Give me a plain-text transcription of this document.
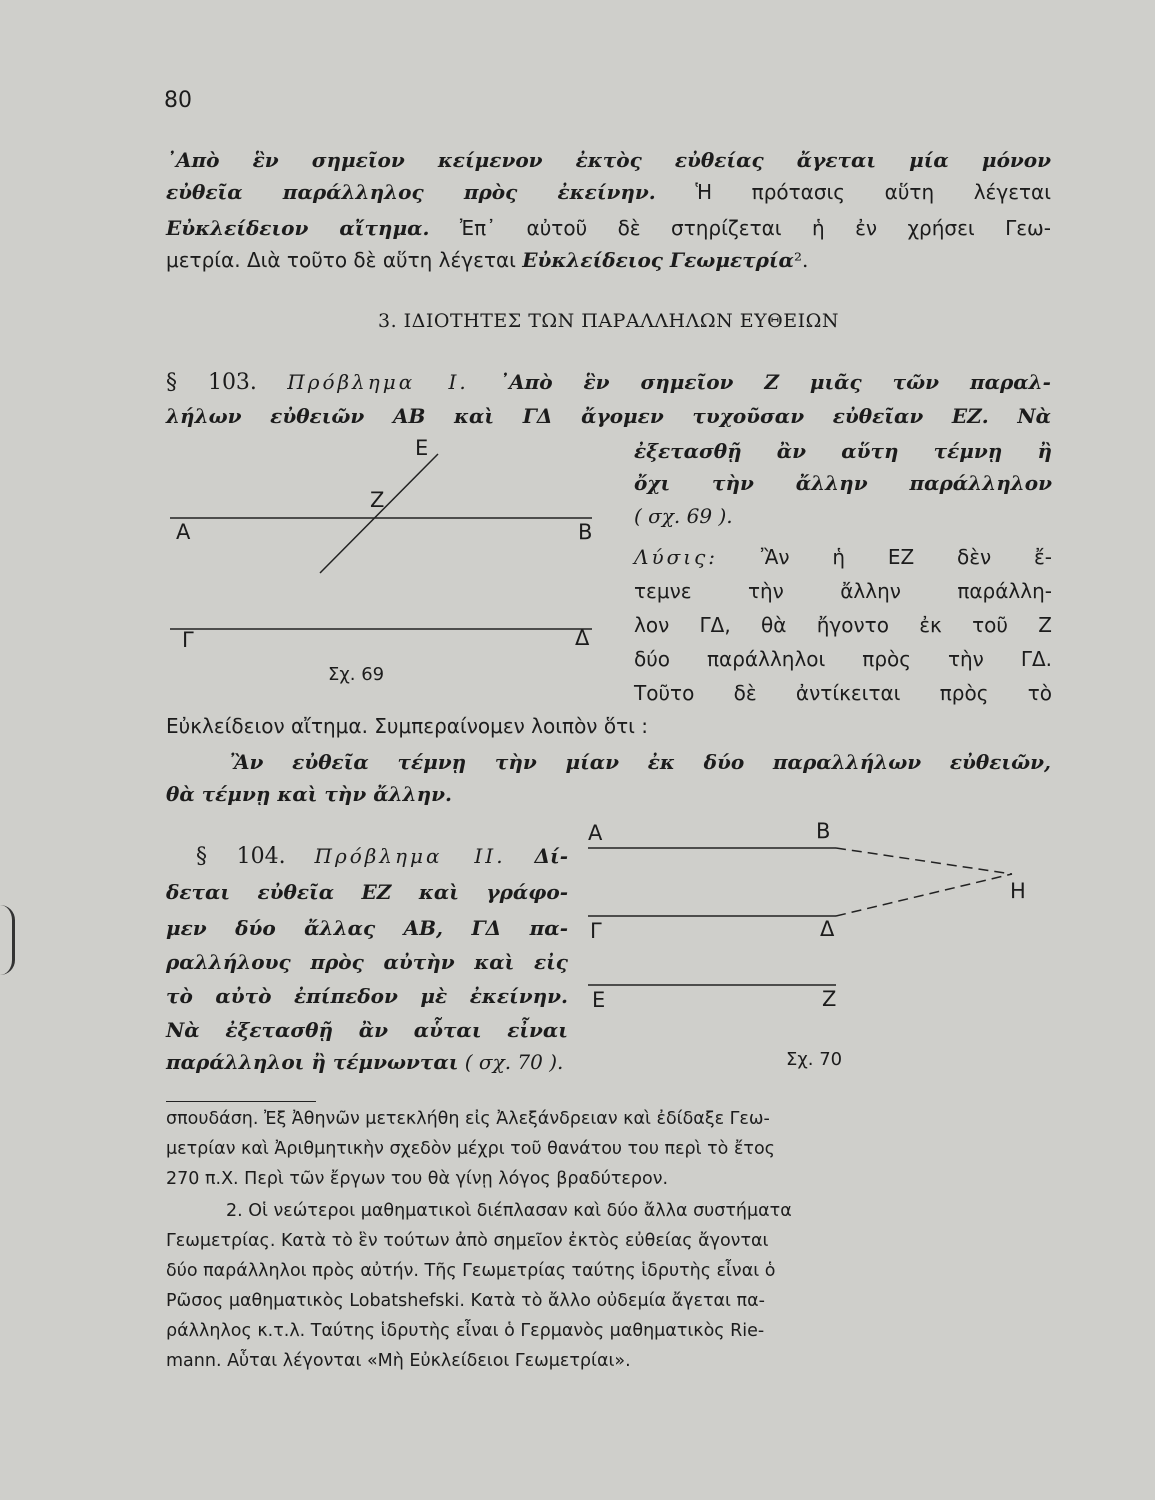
80
᾿Απὸ ἓν σημεῖον κείμενον ἐκτὸς εὐθείας ἄγεται μία μόνον
εὐθεῖα παράλληλος πρὸς ἐκείνην. Ἡ πρότασις αὕτη λέγεται
Εὐκλείδειον αἴτημα. Ἐπ᾿ αὐτοῦ δὲ στηρίζεται ἡ ἐν χρήσει Γεω-
μετρία. Διὰ τοῦτο δὲ αὕτη λέγεται Εὐκλείδειος Γεωμετρία².
3. ΙΔΙΟΤΗΤΕΣ ΤΩΝ ΠΑΡΑΛΛΗΛΩΝ ΕΥΘΕΙΩΝ
§ 103. Πρόβλημα I. ᾿Απὸ ἓν σημεῖον Ζ μιᾶς τῶν παραλ-
λήλων εὐθειῶν ΑΒ καὶ ΓΔ ἄγομεν τυχοῦσαν εὐθεῖαν ΕΖ. Νὰ
ἐξετασθῇ ἂν αὕτη τέμνῃ ἢ
ὄχι τὴν ἄλλην παράλληλον
( σχ. 69 ).
Λύσις: Ἂν ἡ ΕΖ δὲν ἔ-
τεμνε τὴν ἄλλην παράλλη-
λον ΓΔ, θὰ ἤγοντο ἐκ τοῦ Ζ
δύο παράλληλοι πρὸς τὴν ΓΔ.
Τοῦτο δὲ ἀντίκειται πρὸς τὸ
Εὐκλείδειον αἴτημα. Συμπεραίνομεν λοιπὸν ὅτι :
Ἂν εὐθεῖα τέμνῃ τὴν μίαν ἐκ δύο παραλλήλων εὐθειῶν,
θὰ τέμνῃ καὶ τὴν ἄλλην.
Ε
Ζ
Α	Β
Γ	Δ
Σχ. 69
§ 104. Πρόβλημα II. Δί-
δεται εὐθεῖα ΕΖ καὶ γράφο-
μεν δύο ἄλλας ΑΒ, ΓΔ πα-
ραλλήλους πρὸς αὐτὴν καὶ εἰς
τὸ αὐτὸ ἐπίπεδον μὲ ἐκείνην.
Νὰ ἐξετασθῇ ἂν αὗται εἶναι
παράλληλοι ἢ τέμνωνται ( σχ. 70 ).
Α	Β
Η
Γ	Δ
Ε	Ζ
Σχ. 70
σπουδάση. Ἐξ Ἀθηνῶν μετεκλήθη εἰς Ἀλεξάνδρειαν καὶ ἐδίδαξε Γεω-
μετρίαν καὶ Ἀριθμητικὴν σχεδὸν μέχρι τοῦ θανάτου του περὶ τὸ ἔτος
270 π.Χ. Περὶ τῶν ἔργων του θὰ γίνῃ λόγος βραδύτερον.
2. Οἱ νεώτεροι μαθηματικοὶ διέπλασαν καὶ δύο ἄλλα συστήματα
Γεωμετρίας. Κατὰ τὸ ἓν τούτων ἀπὸ σημεῖον ἐκτὸς εὐθείας ἄγονται
δύο παράλληλοι πρὸς αὐτήν. Τῆς Γεωμετρίας ταύτης ἱδρυτὴς εἶναι ὁ
Ρῶσος μαθηματικὸς Lobatshefski. Κατὰ τὸ ἄλλο οὐδεμία ἄγεται πα-
ράλληλος κ.τ.λ. Ταύτης ἱδρυτὴς εἶναι ὁ Γερμανὸς μαθηματικὸς Rie-
mann. Αὗται λέγονται «Μὴ Εὐκλείδειοι Γεωμετρίαι».
